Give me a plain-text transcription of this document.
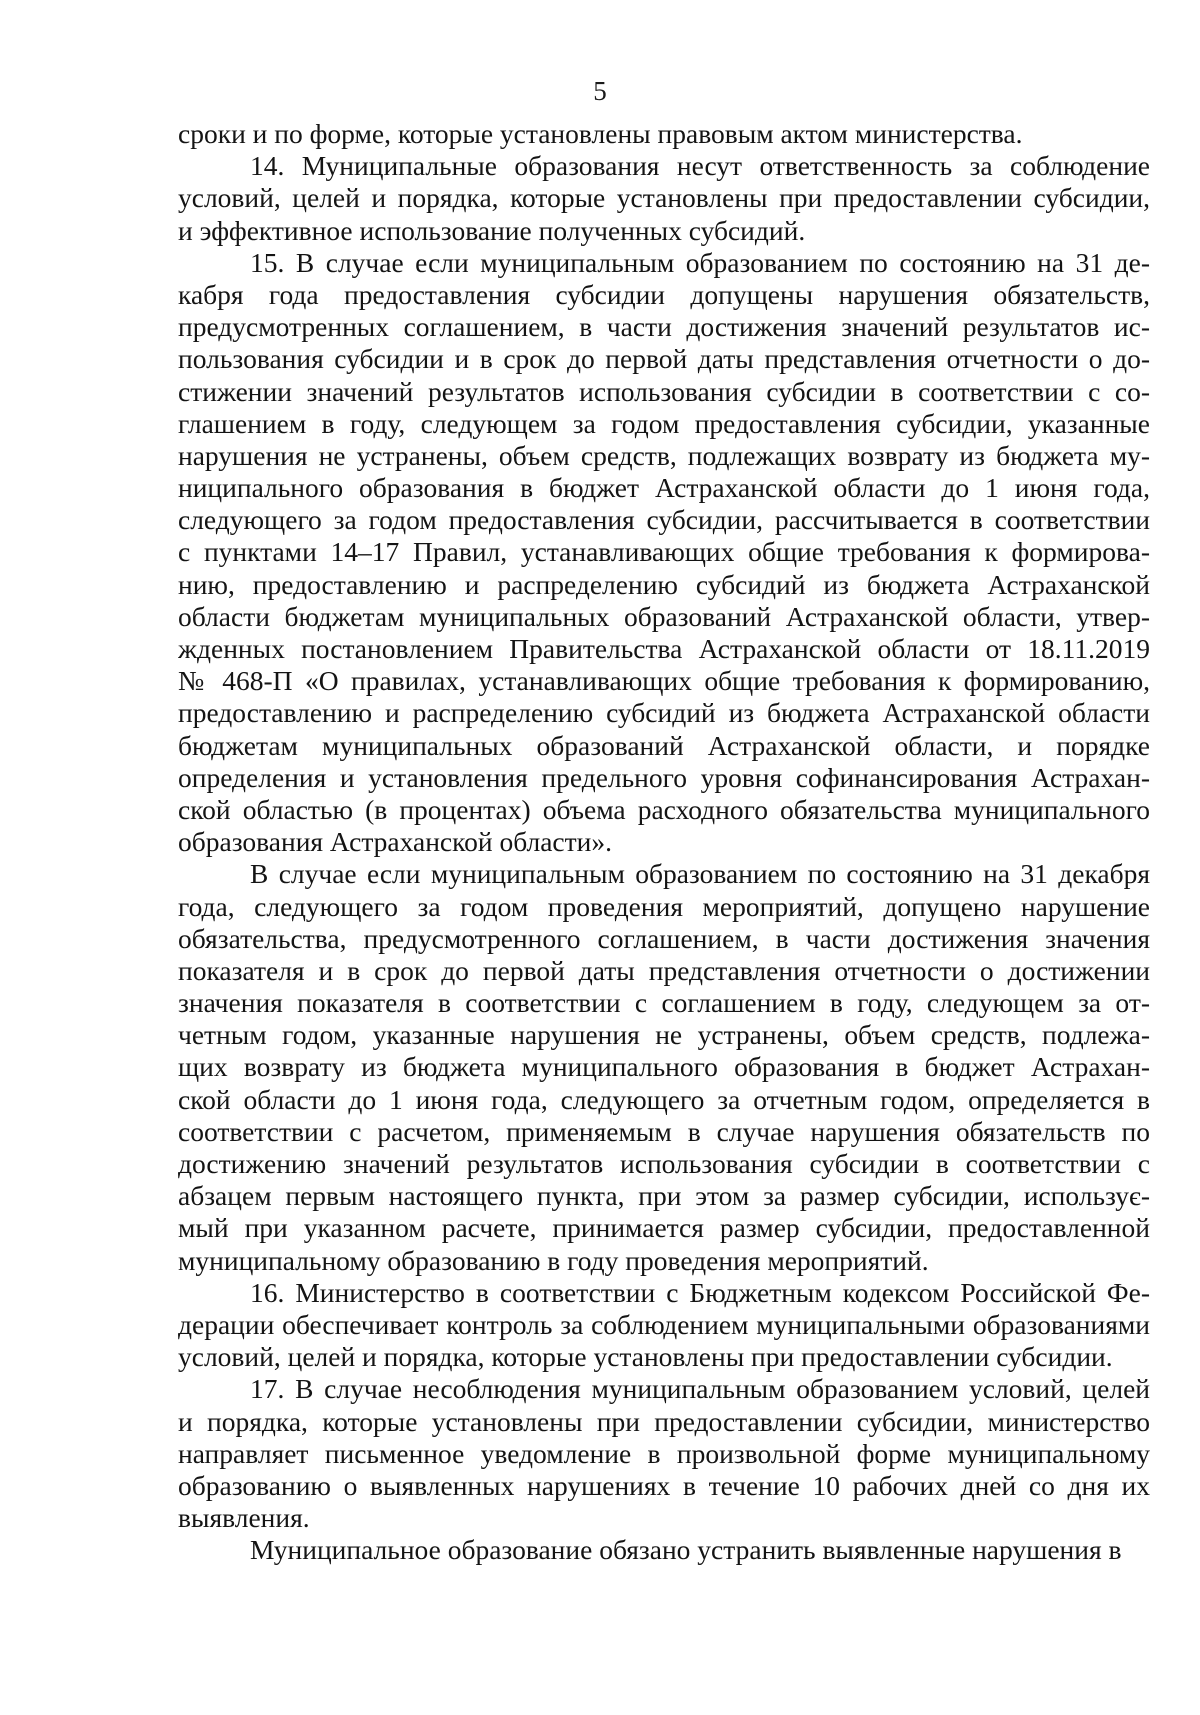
5

сроки и по форме, которые установлены правовым актом министерства.

14. Муниципальные образования несут ответственность за соблюдение
условий, целей и порядка, которые установлены при предоставлении субсидии,
и эффективное использование полученных субсидий.

15. В случае если муниципальным образованием по состоянию на 31 де-
кабря года предоставления субсидии допущены нарушения обязательств,
предусмотренных соглашением, в части достижения значений результатов ис-
пользования субсидии и в срок до первой даты представления отчетности о до-
стижении значений результатов использования субсидии в соответствии с со-
глашением в году, следующем за годом предоставления субсидии, указанные
нарушения не устранены, объем средств, подлежащих возврату из бюджета му-
ниципального образования в бюджет Астраханской области до 1 июня года,
следующего за годом предоставления субсидии, рассчитывается в соответствии
с пунктами 14–17 Правил, устанавливающих общие требования к формирова-
нию, предоставлению и распределению субсидий из бюджета Астраханской
области бюджетам муниципальных образований Астраханской области, утвер-
жденных постановлением Правительства Астраханской области от 18.11.2019
№ 468-П «О правилах, устанавливающих общие требования к формированию,
предоставлению и распределению субсидий из бюджета Астраханской области
бюджетам муниципальных образований Астраханской области, и порядке
определения и установления предельного уровня софинансирования Астрахан-
ской областью (в процентах) объема расходного обязательства муниципального
образования Астраханской области».

В случае если муниципальным образованием по состоянию на 31 декабря
года, следующего за годом проведения мероприятий, допущено нарушение
обязательства, предусмотренного соглашением, в части достижения значения
показателя и в срок до первой даты представления отчетности о достижении
значения показателя в соответствии с соглашением в году, следующем за от-
четным годом, указанные нарушения не устранены, объем средств, подлежа-
щих возврату из бюджета муниципального образования в бюджет Астрахан-
ской области до 1 июня года, следующего за отчетным годом, определяется в
соответствии с расчетом, применяемым в случае нарушения обязательств по
достижению значений результатов использования субсидии в соответствии с
абзацем первым настоящего пункта, при этом за размер субсидии, использує-
мый при указанном расчете, принимается размер субсидии, предоставленной
муниципальному образованию в году проведения мероприятий.

16. Министерство в соответствии с Бюджетным кодексом Российской Фе-
дерации обеспечивает контроль за соблюдением муниципальными образованиями
условий, целей и порядка, которые установлены при предоставлении субсидии.

17. В случае несоблюдения муниципальным образованием условий, целей
и порядка, которые установлены при предоставлении субсидии, министерство
направляет письменное уведомление в произвольной форме муниципальному
образованию о выявленных нарушениях в течение 10 рабочих дней со дня их
выявления.

Муниципальное образование обязано устранить выявленные нарушения в
